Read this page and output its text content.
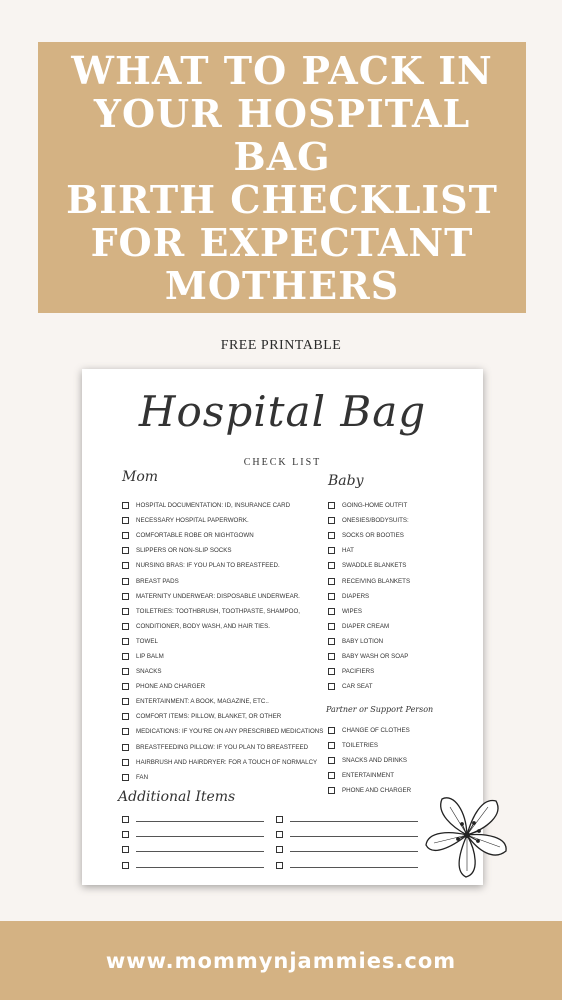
WHAT TO PACK IN
YOUR HOSPITAL BAG
BIRTH CHECKLIST
FOR EXPECTANT
MOTHERS
FREE PRINTABLE
Hospital Bag
CHECK LIST
Mom
HOSPITAL DOCUMENTATION: ID, INSURANCE CARD
NECESSARY HOSPITAL PAPERWORK.
COMFORTABLE ROBE OR NIGHTGOWN
SLIPPERS OR NON-SLIP SOCKS
NURSING BRAS: IF YOU PLAN TO BREASTFEED.
BREAST PADS
MATERNITY UNDERWEAR: DISPOSABLE UNDERWEAR.
TOILETRIES: TOOTHBRUSH, TOOTHPASTE, SHAMPOO,
CONDITIONER, BODY WASH, AND HAIR TIES.
TOWEL
LIP BALM
SNACKS
PHONE AND CHARGER
ENTERTAINMENT: A BOOK, MAGAZINE, ETC..
COMFORT ITEMS: PILLOW, BLANKET, OR OTHER
MEDICATIONS: IF YOU'RE ON ANY PRESCRIBED MEDICATIONS
BREASTFEEDING PILLOW: IF YOU PLAN TO BREASTFEED
HAIRBRUSH AND HAIRDRYER: FOR A TOUCH OF NORMALCY
FAN
Baby
GOING-HOME OUTFIT
ONESIES/BODYSUITS:
SOCKS OR BOOTIES
HAT
SWADDLE BLANKETS
RECEIVING BLANKETS
DIAPERS
WIPES
DIAPER CREAM
BABY LOTION
BABY WASH OR SOAP
PACIFIERS
CAR SEAT
Partner or Support Person
CHANGE OF CLOTHES
TOILETRIES
SNACKS AND DRINKS
ENTERTAINMENT
PHONE AND CHARGER
Additional Items
www.mommynjammies.com
